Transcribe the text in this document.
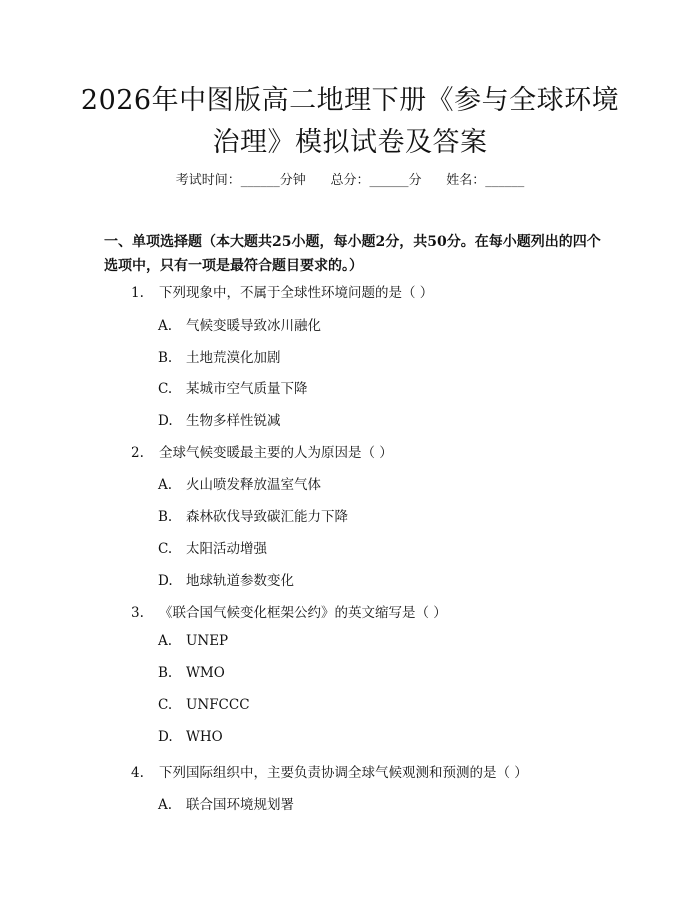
2026年中图版高二地理下册《参与全球环境
治理》模拟试卷及答案
考试时间：______分钟      总分：______分      姓名：______
一、单项选择题（本大题共25小题，每小题2分，共50分。在每小题列出的四个选项中，只有一项是最符合题目要求的。）
1. 下列现象中，不属于全球性环境问题的是（ ）
A. 气候变暖导致冰川融化
B. 土地荒漠化加剧
C. 某城市空气质量下降
D. 生物多样性锐减
2. 全球气候变暖最主要的人为原因是（ ）
A. 火山喷发释放温室气体
B. 森林砍伐导致碳汇能力下降
C. 太阳活动增强
D. 地球轨道参数变化
3. 《联合国气候变化框架公约》的英文缩写是（ ）
A. UNEP
B. WMO
C. UNFCCC
D. WHO
4. 下列国际组织中，主要负责协调全球气候观测和预测的是（ ）
A. 联合国环境规划署
